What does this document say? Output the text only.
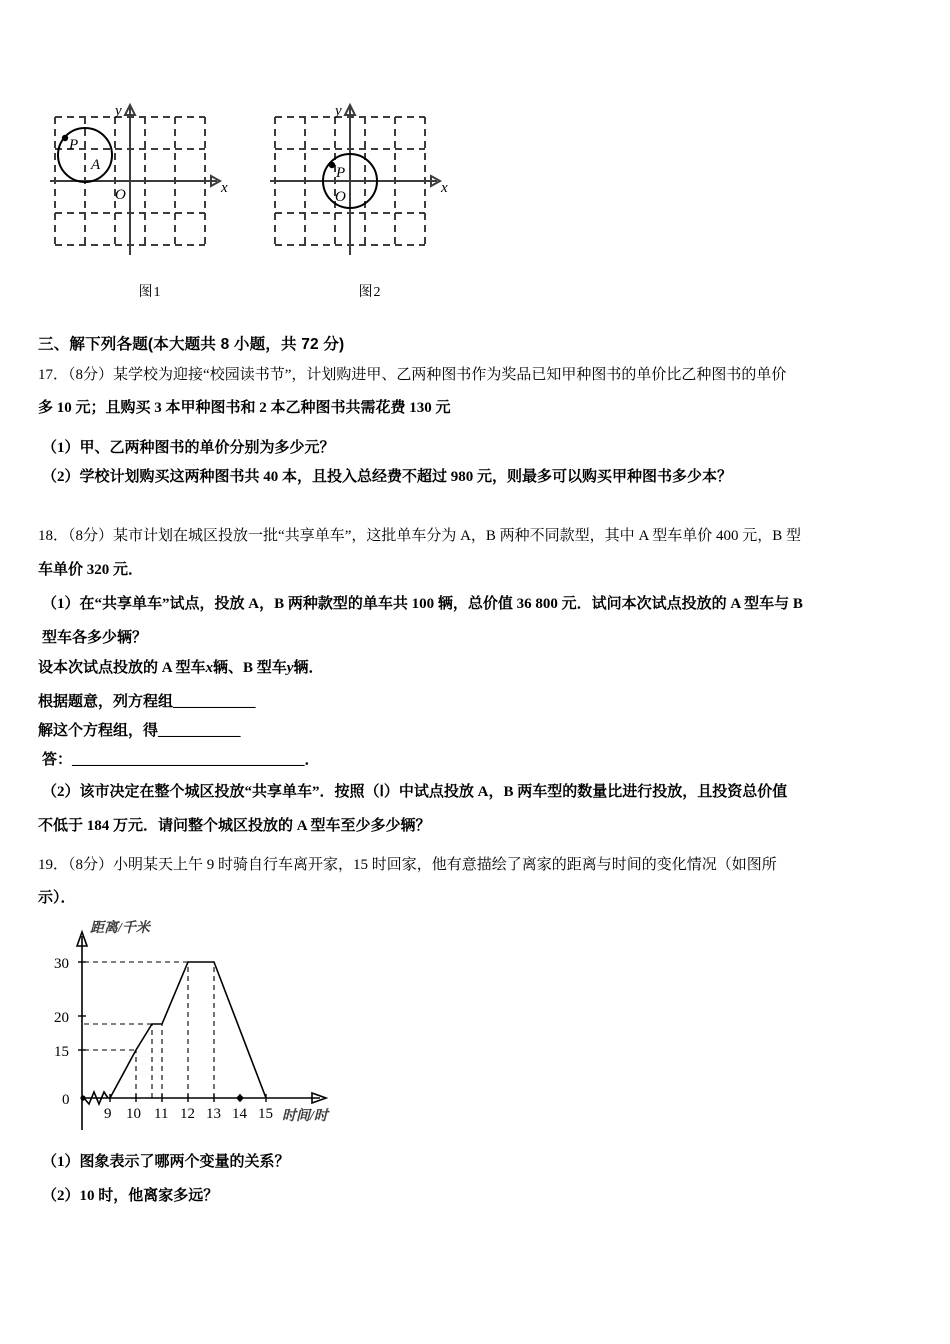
P
A
O	x
y
图1
P
O
x
y
图2
三、解下列各题(本大题共 8 小题，共 72 分)
17．（8分）某学校为迎接“校园读书节”，计划购进甲、乙两种图书作为奖品已知甲种图书的单价比乙种图书的单价
多 10 元；且购买 3 本甲种图书和 2 本乙种图书共需花费 130 元
（1）甲、乙两种图书的单价分别为多少元？
（2）学校计划购买这两种图书共 40 本，且投入总经费不超过 980 元，则最多可以购买甲种图书多少本？
18．（8分）某市计划在城区投放一批“共享单车”，这批单车分为 A，B 两种不同款型，其中 A 型车单价 400 元，B 型
车单价 320 元．
（1）在“共享单车”试点，投放 A，B 两种款型的单车共 100 辆，总价值 36 800 元．试问本次试点投放的 A 型车与 B
型车各多少辆？
设本次试点投放的 A 型车x辆、B 型车y辆．
根据题意，列方程组___________
解这个方程组，得___________
答：_______________________________．
（2）该市决定在整个城区投放“共享单车”．按照（Ⅰ）中试点投放 A，B 两车型的数量比进行投放，且投资总价值
不低于 184 万元．请问整个城区投放的 A 型车至少多少辆？
19．（8分）小明某天上午 9 时骑自行车离开家，15 时回家，他有意描绘了离家的距离与时间的变化情况（如图所
示）．
30
20
15
0
9 10 11 12 13 14 15
距离/千米
时间/时
（1）图象表示了哪两个变量的关系？
（2）10 时，他离家多远？
